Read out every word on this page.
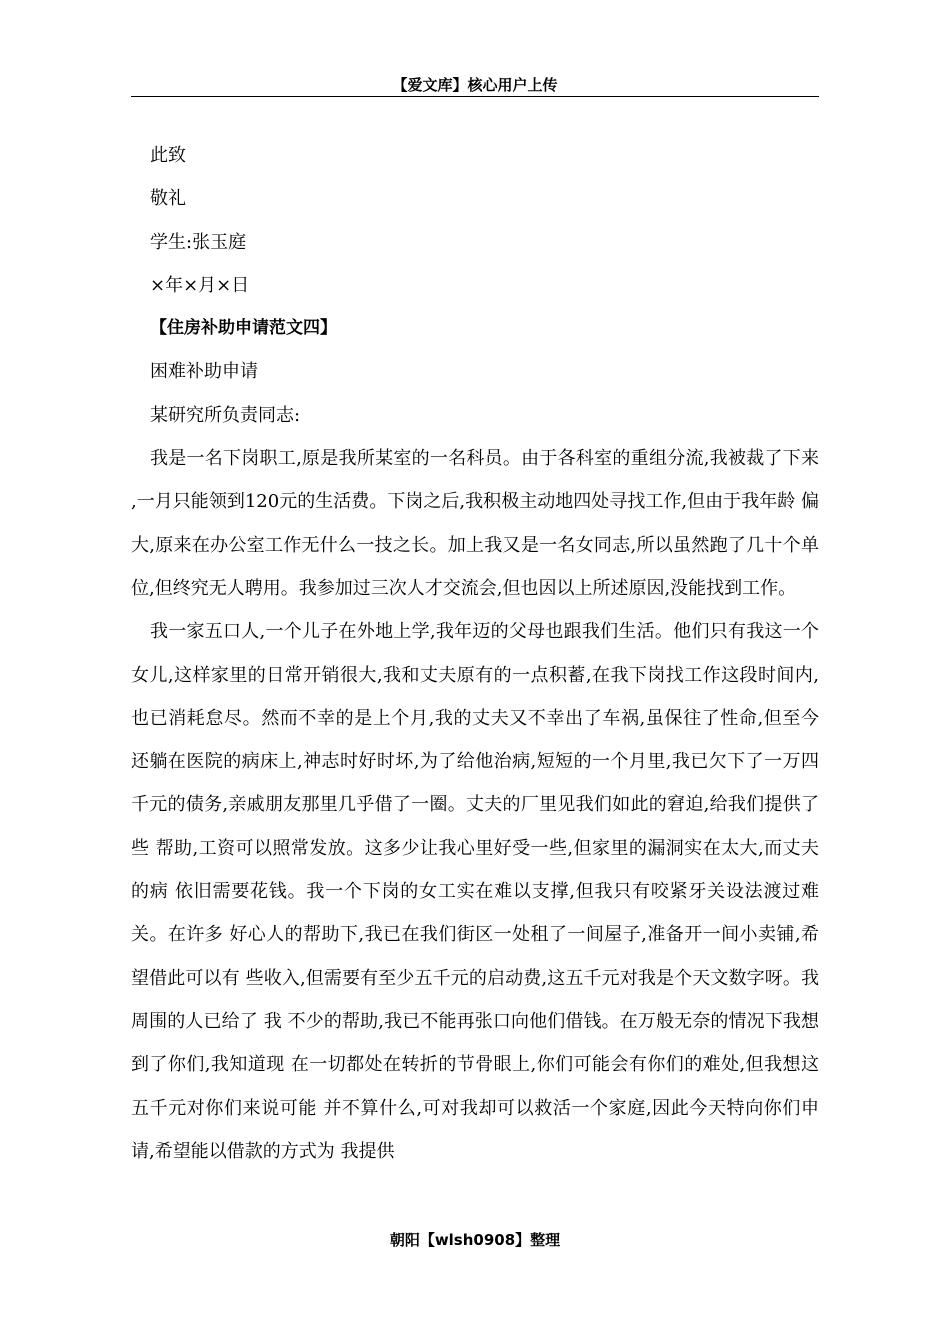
【爱文库】核心用户上传

此致

敬礼

学生:张玉庭

×年×月×日

【住房补助申请范文四】

困难补助申请

某研究所负责同志:

我是一名下岗职工,原是我所某室的一名科员。由于各科室的重组分流,我被裁了下来 ,一月只能领到120元的生活费。下岗之后,我积极主动地四处寻找工作,但由于我年龄 偏大,原来在办公室工作无什么一技之长。加上我又是一名女同志,所以虽然跑了几十个单 位,但终究无人聘用。我参加过三次人才交流会,但也因以上所述原因,没能找到工作。

我一家五口人,一个儿子在外地上学,我年迈的父母也跟我们生活。他们只有我这一个 女儿,这样家里的日常开销很大,我和丈夫原有的一点积蓄,在我下岗找工作这段时间内, 也已消耗怠尽。然而不幸的是上个月,我的丈夫又不幸出了车祸,虽保往了性命,但至今 还躺在医院的病床上,神志时好时坏,为了给他治病,短短的一个月里,我已欠下了一万四 千元的债务,亲戚朋友那里几乎借了一圈。丈夫的厂里见我们如此的窘迫,给我们提供了些 帮助,工资可以照常发放。这多少让我心里好受一些,但家里的漏洞实在太大,而丈夫的病 依旧需要花钱。我一个下岗的女工实在难以支撑,但我只有咬紧牙关设法渡过难关。在许多 好心人的帮助下,我已在我们街区一处租了一间屋子,准备开一间小卖铺,希望借此可以有 些收入,但需要有至少五千元的启动费,这五千元对我是个天文数字呀。我周围的人已给了 我 不少的帮助,我已不能再张口向他们借钱。在万般无奈的情况下我想到了你们,我知道现 在一切都处在转折的节骨眼上,你们可能会有你们的难处,但我想这五千元对你们来说可能 并不算什么,可对我却可以救活一个家庭,因此今天特向你们申请,希望能以借款的方式为 我提供

朝阳【wlsh0908】整理
